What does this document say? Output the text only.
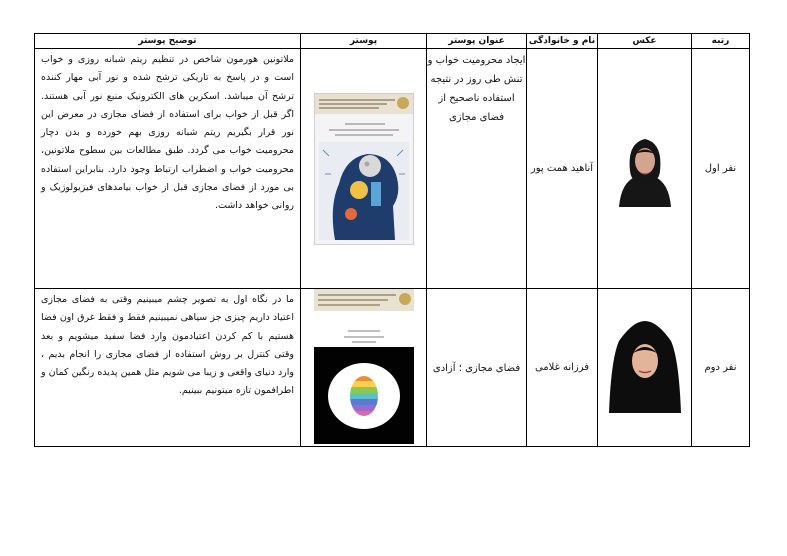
رتبه	عکس	نام و خانوادگی	عنوان پوستر	پوستر	توضیح پوستر
نفر اول		آناهید همت پور	ایجاد محرومیت خواب و تنش طی روز در نتیجه استفاده ناصحیح از فضای مجازی		ملاتونین هورمون شاخص در تنظیم ریتم شبانه روزی و خواب است و در پاسخ به تاریکی ترشح شده و نور آبی مهار کننده ترشح آن میباشد. اسکرین های الکترونیک منبع نور آبی هستند. اگر قبل از خواب برای استفاده از فضای مجازی در معرض این نور قرار بگیریم ریتم شبانه روزی بهم خورده و بدن دچار محرومیت خواب می گردد. طبق مطالعات بین سطوح ملاتونین، محرومیت خواب و اضطراب ارتباط وجود دارد. بنابراین استفاده بی مورد از فضای مجازی قبل از خواب بیامدهای فیزیولوژیک و روانی خواهد داشت.
نفر دوم		فرزانه غلامی	فضای مجازی ؛ آزادی		ما در نگاه اول به تصویر چشم میبینیم وقتی به فضای مجازی اعتیاد داریم چیزی جز سیاهی نمیبینیم فقط و فقط غرق اون فضا هستیم با کم کردن اعتیادمون وارد فضا سفید میشویم و بعد وقتی کنترل بر روش استفاده از فضای مجازی را انجام بدیم ، وارد دنیای واقعی و زیبا می شویم مثل همین پدیده رنگین کمان و اطرافمون تازه میتونیم ببینیم.
